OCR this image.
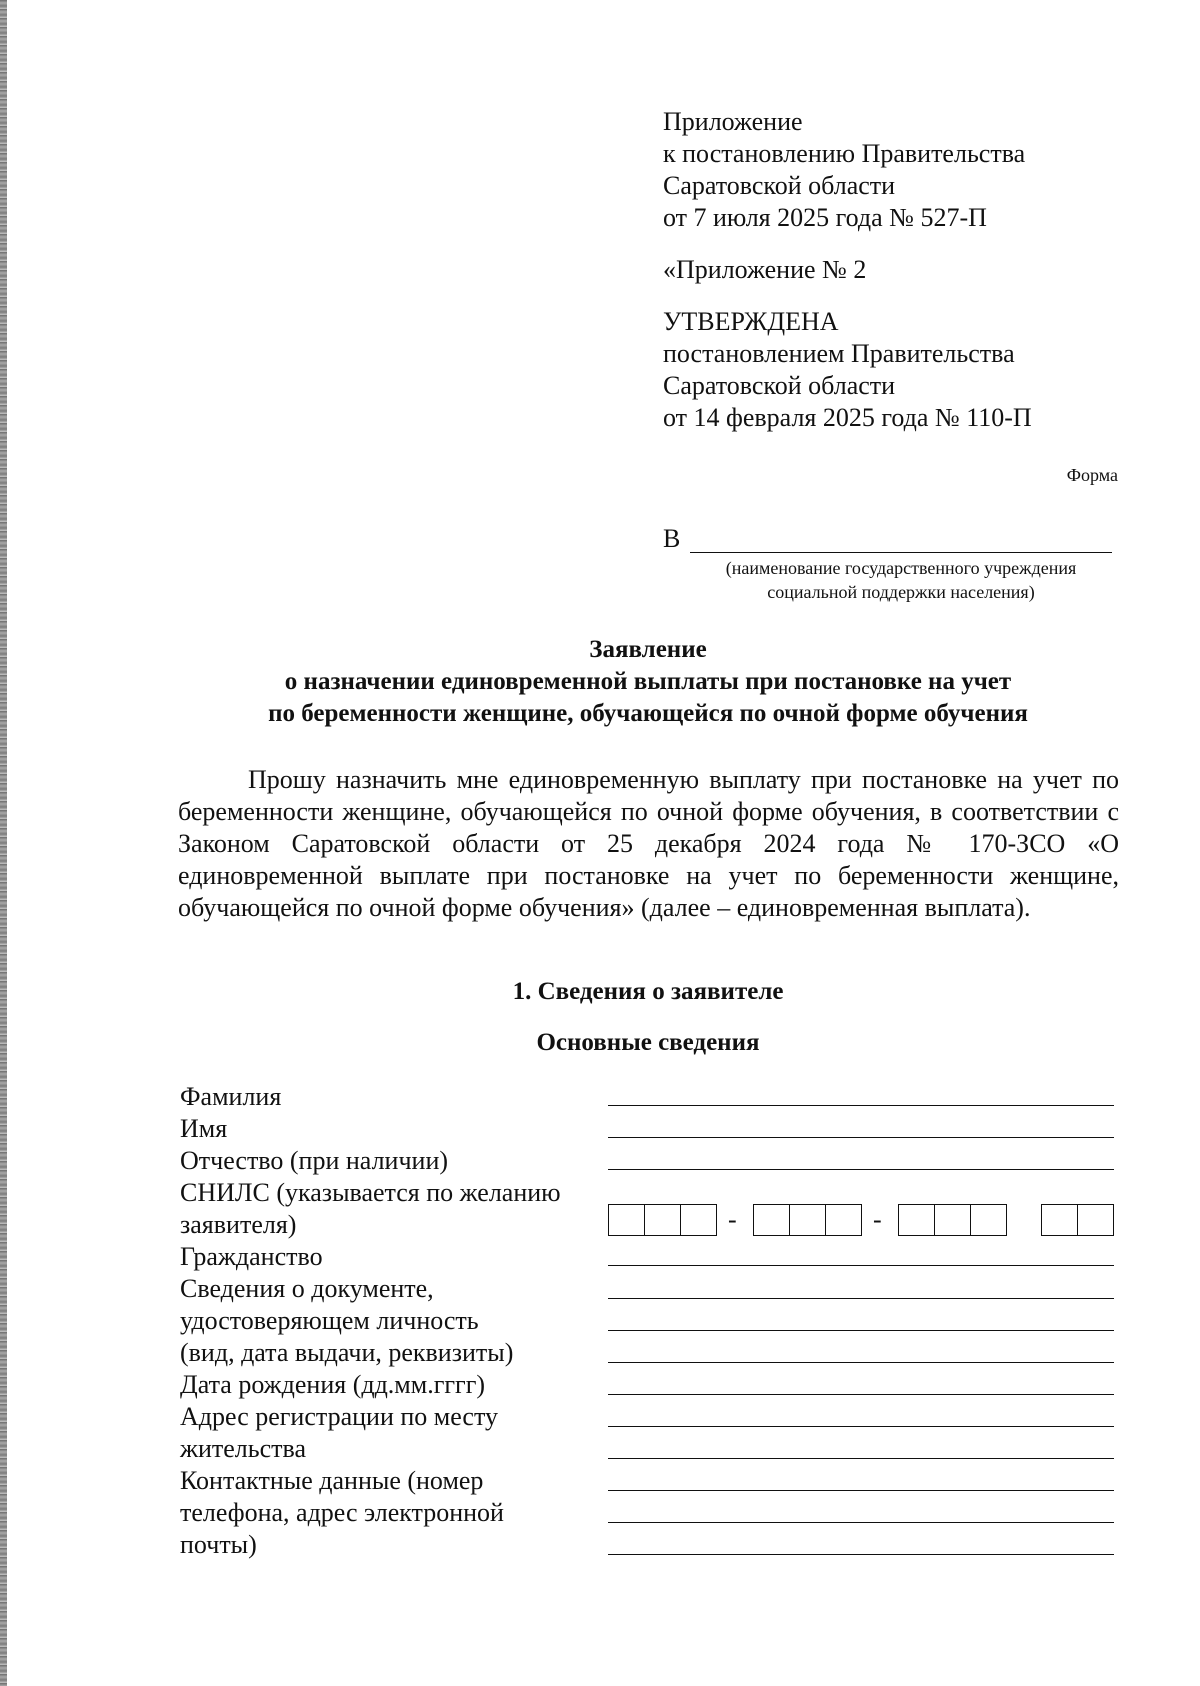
Приложение
к постановлению Правительства
Саратовской области
от 7 июля 2025 года № 527-П
«Приложение № 2
УТВЕРЖДЕНА
постановлением Правительства
Саратовской области
от 14 февраля 2025 года № 110-П
Форма
В
(наименование государственного учреждения
социальной поддержки населения)
Заявление
о назначении единовременной выплаты при постановке на учет
по беременности женщине, обучающейся по очной форме обучения
Прошу назначить мне единовременную выплату при постановке на учет по беременности женщине, обучающейся по очной форме обучения, в соответствии с Законом Саратовской области от 25 декабря 2024 года № 170-ЗСО «О единовременной выплате при постановке на учет по беременности женщине, обучающейся по очной форме обучения» (далее – единовременная выплата).
1. Сведения о заявителе
Основные сведения
Фамилия
Имя
Отчество (при наличии)
СНИЛС (указывается по желанию
заявителя)
Гражданство
Сведения о документе,
удостоверяющем личность
(вид, дата выдачи, реквизиты)
Дата рождения (дд.мм.гггг)
Адрес регистрации по месту
жительства
Контактные данные (номер
телефона, адрес электронной
почты)
-	-
